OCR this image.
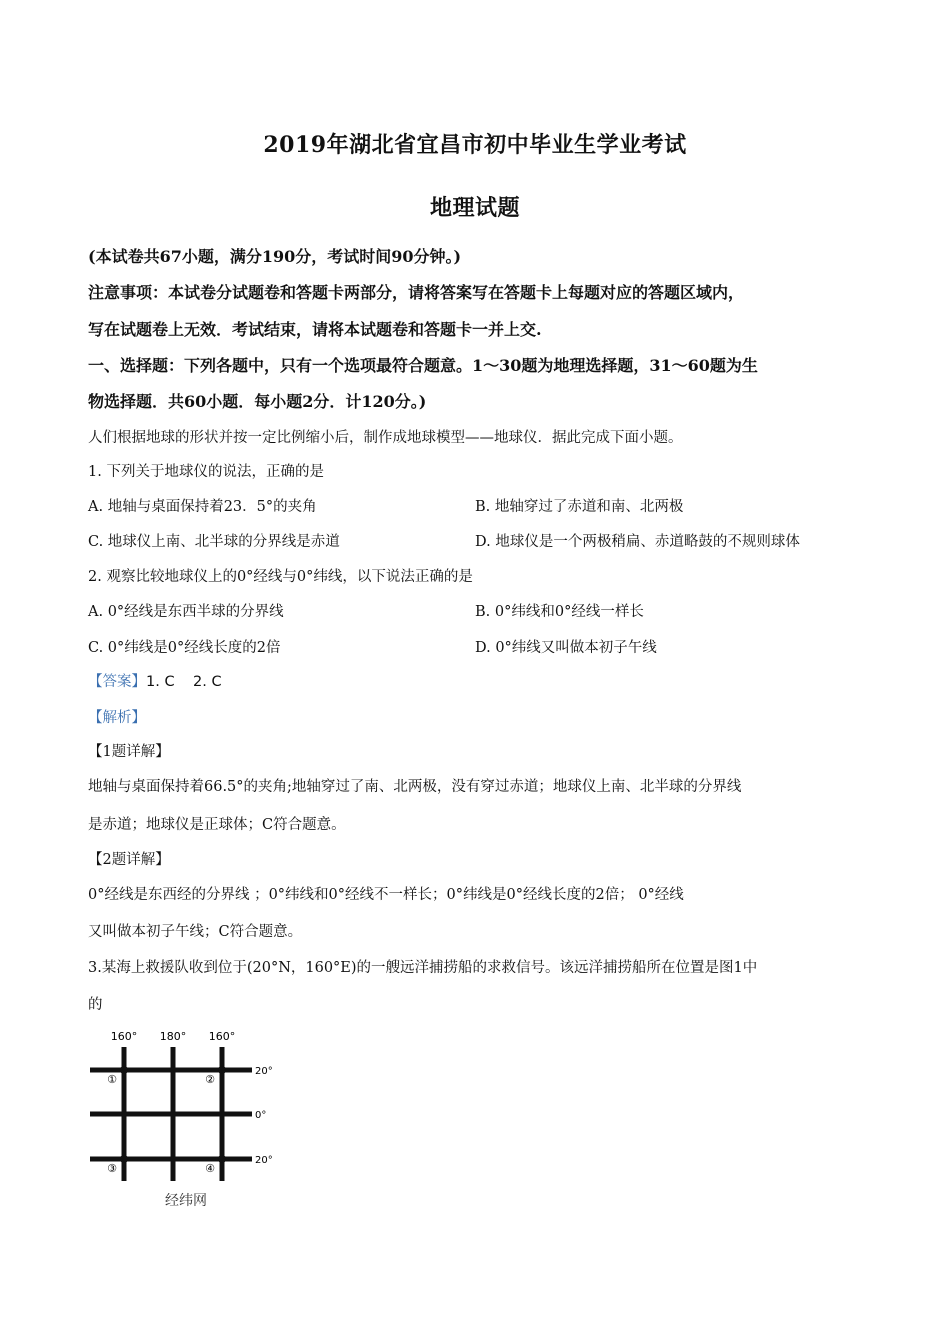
2019年湖北省宜昌市初中毕业生学业考试
地理试题
(本试卷共67小题，满分190分，考试时间90分钟。)
注意事项：本试卷分试题卷和答题卡两部分，请将答案写在答题卡上每题对应的答题区域内，
写在试题卷上无效．考试结束，请将本试题卷和答题卡一并上交.
一、选择题：下列各题中，只有一个选项最符合题意。1～30题为地理选择题，31～60题为生
物选择题．共60小题．每小题2分．计120分。)
人们根据地球的形状并按一定比例缩小后，制作成地球模型——地球仪．据此完成下面小题。
1. 下列关于地球仪的说法，正确的是
A. 地轴与桌面保持着23．5°的夹角	B. 地轴穿过了赤道和南、北两极
C. 地球仪上南、北半球的分界线是赤道	D. 地球仪是一个两极稍扁、赤道略鼓的不规则球体
2. 观察比较地球仪上的0°经线与0°纬线，以下说法正确的是
A. 0°经线是东西半球的分界线	B. 0°纬线和0°经线一样长
C. 0°纬线是0°经线长度的2倍	D. 0°纬线又叫做本初子午线
【答案】1. C    2. C
【解析】
【1题详解】
地轴与桌面保持着66.5°的夹角;地轴穿过了南、北两极，没有穿过赤道；地球仪上南、北半球的分界线
是赤道；地球仪是正球体；C符合题意。
【2题详解】
0°经线是东西经的分界线 ；0°纬线和0°经线不一样长；0°纬线是0°经线长度的2倍； 0°经线
又叫做本初子午线；C符合题意。
3.某海上救援队收到位于(20°N，160°E)的一艘远洋捕捞船的求救信号。该远洋捕捞船所在位置是图1中
的
160° 180° 160°
20°
0°
20°
①	②
③	④
经纬网
